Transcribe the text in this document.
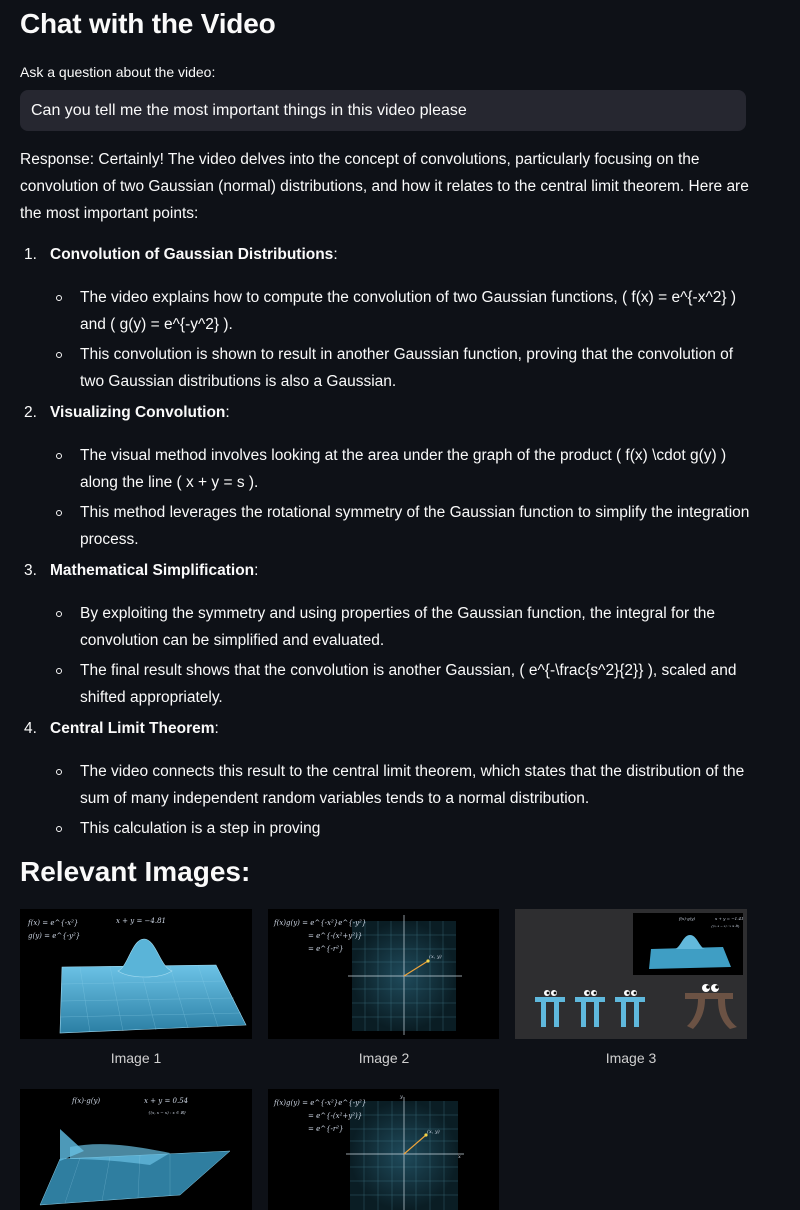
Chat with the Video
Ask a question about the video:
Can you tell me the most important things in this video please

Response: Certainly! The video delves into the concept of convolutions, particularly focusing on the convolution of two Gaussian (normal) distributions, and how it relates to the central limit theorem. Here are the most important points:

1. Convolution of Gaussian Distributions:
The video explains how to compute the convolution of two Gaussian functions, ( f(x) = e^{-x^2} ) and ( g(y) = e^{-y^2} ).
This convolution is shown to result in another Gaussian function, proving that the convolution of two Gaussian distributions is also a Gaussian.
2. Visualizing Convolution:
The visual method involves looking at the area under the graph of the product ( f(x) \cdot g(y) ) along the line ( x + y = s ).
This method leverages the rotational symmetry of the Gaussian function to simplify the integration process.
3. Mathematical Simplification:
By exploiting the symmetry and using properties of the Gaussian function, the integral for the convolution can be simplified and evaluated.
The final result shows that the convolution is another Gaussian, ( e^{-\frac{s^2}{2}} ), scaled and shifted appropriately.
4. Central Limit Theorem:
The video connects this result to the central limit theorem, which states that the distribution of the sum of many independent random variables tends to a normal distribution.
This calculation is a step in proving
Relevant Images:
f(x) = e^{-x²}
g(y) = e^{-y²}
x + y = −4.81
Image 1
f(x)g(y) = e^{-x²}e^{-y²}
= e^{-(x²+y²)}
= e^{-r²}
(x, y)
Image 2
f(x)·g(y)	x + y = −1.41
{(x, s − x) : x ∈ ℝ}
Image 3
f(x)·g(y)	x + y = 0.54
{(x, s − x) : x ∈ ℝ}
f(x)g(y) = e^{-x²}e^{-y²}
= e^{-(x²+y²)}
= e^{-r²}	(x, y)
y
x
